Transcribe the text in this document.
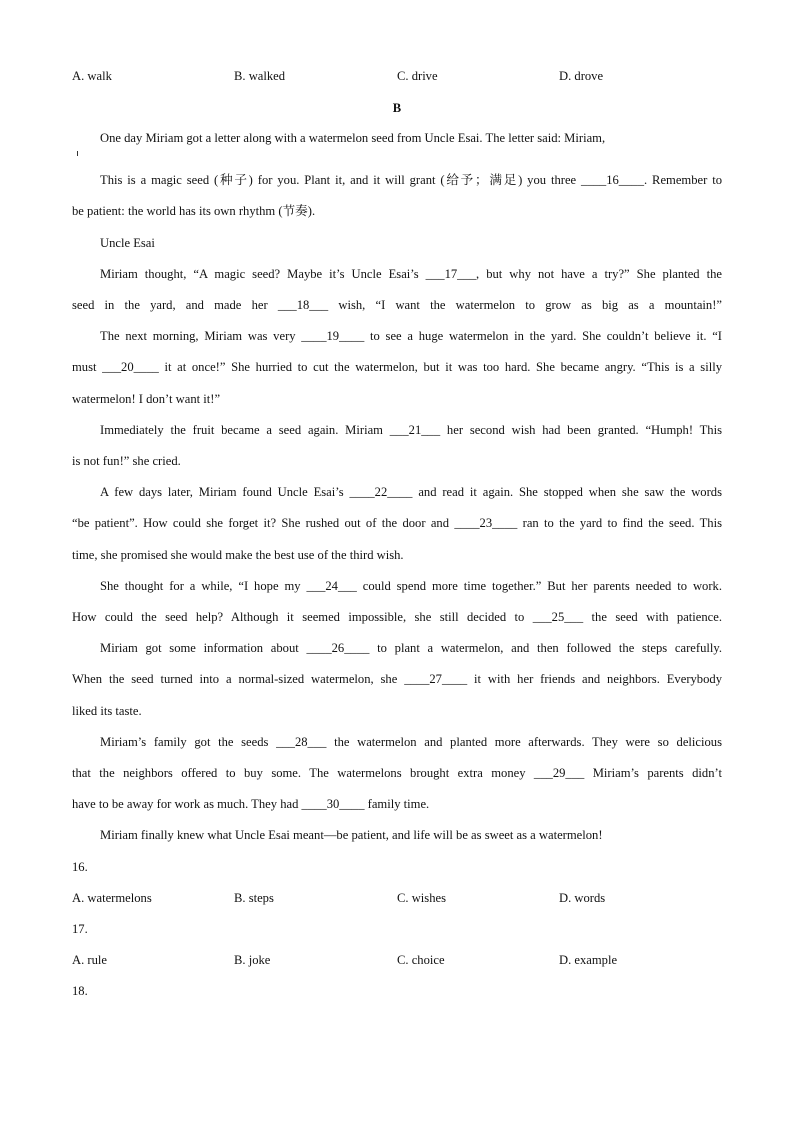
A. walk	B. walked	C. drive	D. drove
B
One day Miriam got a letter along with a watermelon seed from Uncle Esai. The letter said: Miriam,
This is a magic seed (种子) for you. Plant it, and it will grant (给予；满足) you three ____16____. Remember to
be patient: the world has its own rhythm (节奏).
Uncle Esai
Miriam thought, “A magic seed? Maybe it’s Uncle Esai’s ___17___, but why not have a try?” She planted the
seed in the yard, and made her ___18___ wish, “I want the watermelon to grow as big as a mountain!”
The next morning, Miriam was very ____19____ to see a huge watermelon in the yard. She couldn’t believe it. “I
must ___20____ it at once!” She hurried to cut the watermelon, but it was too hard. She became angry. “This is a silly
watermelon! I don’t want it!”
Immediately the fruit became a seed again. Miriam ___21___ her second wish had been granted. “Humph! This
is not fun!” she cried.
A few days later, Miriam found Uncle Esai’s ____22____ and read it again. She stopped when she saw the words
“be patient”. How could she forget it? She rushed out of the door and ____23____ ran to the yard to find the seed. This
time, she promised she would make the best use of the third wish.
She thought for a while, “I hope my ___24___ could spend more time together.” But her parents needed to work.
How could the seed help? Although it seemed impossible, she still decided to ___25___ the seed with patience.
Miriam got some information about ____26____ to plant a watermelon, and then followed the steps carefully.
When the seed turned into a normal-sized watermelon, she ____27____ it with her friends and neighbors. Everybody
liked its taste.
Miriam’s family got the seeds ___28___ the watermelon and planted more afterwards. They were so delicious
that the neighbors offered to buy some. The watermelons brought extra money ___29___ Miriam’s parents didn’t
have to be away for work as much. They had ____30____ family time.
Miriam finally knew what Uncle Esai meant—be patient, and life will be as sweet as a watermelon!
16.
A. watermelons	B. steps	C. wishes	D. words
17.
A. rule	B. joke	C. choice	D. example
18.
